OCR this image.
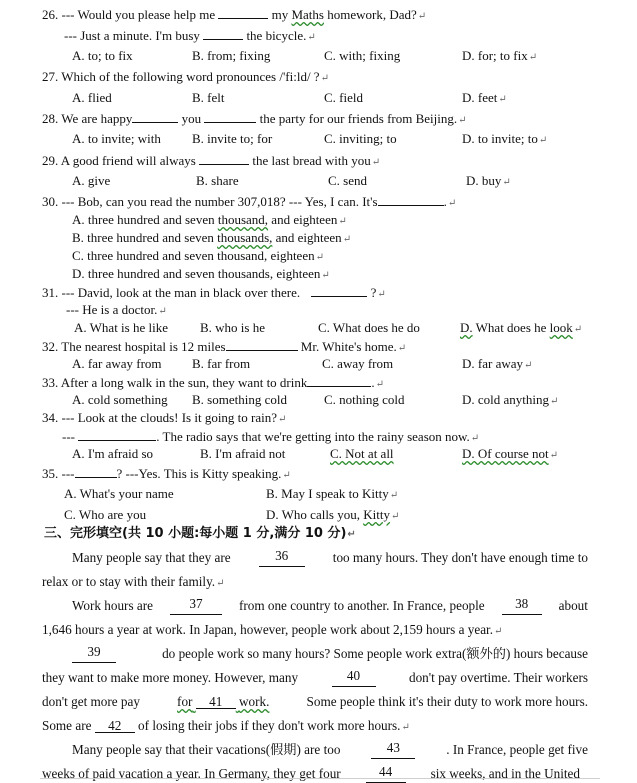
26. --- Would you please help me	my Maths homework, Dad?↵
--- Just a minute. I'm busy	the bicycle.↵
A. to; to fix	B. from; fixing	C. with; fixing	D. for; to fix↵
27. Which of the following word pronounces /'fi:ld/ ?↵
A. flied	B. felt	C. field	D. feet↵
28. We are happy	you	the party for our friends from Beijing.↵
A. to invite; with B. invite to; for	C. inviting; to	D. to invite; to↵
29. A good friend will always	the last bread with you↵
A. give	B. share	C. send	D. buy↵
30. --- Bob, can you read the number 307,018? --- Yes, I can. It's	.↵
A. three hundred and seven thousand, and eighteen↵
B. three hundred and seven thousands, and eighteen↵
C. three hundred and seven thousand, eighteen↵
D. three hundred and seven thousands, eighteen↵
31. --- David, look at the man in black over there.	?↵
--- He is a doctor.↵
A. What is he like B. who is he	C. What does he do	D. What does he look↵
32. The nearest hospital is 12 miles	Mr. White's home.↵
A. far away from B. far from	C. away from	D. far away↵
33. After a long walk in the sun, they want to drink	.↵
A. cold something B. something cold	C. nothing cold	D. cold anything↵
34. --- Look at the clouds! Is it going to rain?↵
---	. The radio says that we're getting into the rainy season now.↵
A. I'm afraid so	B. I'm afraid not	C. Not at all	D. Of course not↵
35. ---	? ---Yes. This is Kitty speaking.↵
A. What's your name	B. May I speak to Kitty↵
C. Who are you	D. Who calls you, Kitty↵
三、完形填空(共 10 小题:每小题 1 分,满分 10 分)↵
Many people say that they are	36	too many hours. They don't have enough time to
relax or to stay with their family.↵
Work hours are	37	from one country to another. In France, people	38	about
1,646 hours a year at work. In Japan, however, people work about 2,159 hours a year.↵
39	do people work so many hours? Some people work extra(额外的) hours because
they want to make more money. However, many	40	don't pay overtime. Their workers
don't get more pay	for 41 work.	Some people think it's their duty to work more hours.
Some are 42 of losing their jobs if they don't work more hours.↵
Many people say that their vacations(假期) are too	43	. In France, people get five
weeks of paid vacation a year. In Germany, they get four	44	six weeks, and in the United
